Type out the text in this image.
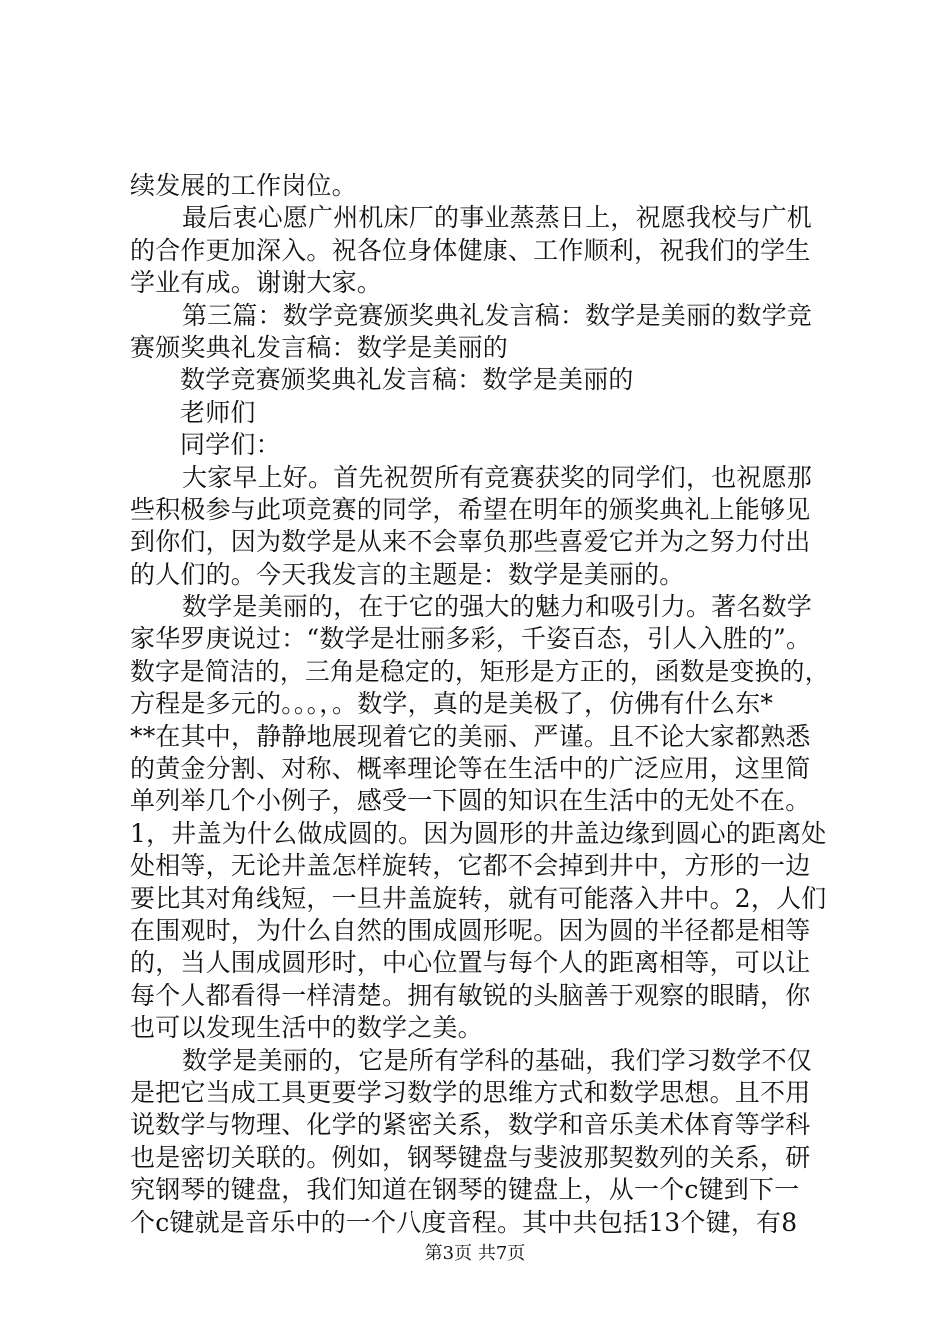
续发展的工作岗位。
最后衷心愿广州机床厂的事业蒸蒸日上，祝愿我校与广机
的合作更加深入。祝各位身体健康、工作顺利，祝我们的学生
学业有成。谢谢大家。
第三篇：数学竞赛颁奖典礼发言稿：数学是美丽的数学竞
赛颁奖典礼发言稿：数学是美丽的
数学竞赛颁奖典礼发言稿：数学是美丽的
老师们
同学们：
大家早上好。首先祝贺所有竞赛获奖的同学们，也祝愿那
些积极参与此项竞赛的同学，希望在明年的颁奖典礼上能够见
到你们，因为数学是从来不会辜负那些喜爱它并为之努力付出
的人们的。今天我发言的主题是：数学是美丽的。
数学是美丽的，在于它的强大的魅力和吸引力。著名数学
家华罗庚说过：“数学是壮丽多彩，千姿百态，引人入胜的”。
数字是简洁的，三角是稳定的，矩形是方正的，函数是变换的，
方程是多元的。。。，。数学，真的是美极了，仿佛有什么东*
**在其中，静静地展现着它的美丽、严谨。且不论大家都熟悉
的黄金分割、对称、概率理论等在生活中的广泛应用，这里简
单列举几个小例子，感受一下圆的知识在生活中的无处不在。
1，井盖为什么做成圆的。因为圆形的井盖边缘到圆心的距离处
处相等，无论井盖怎样旋转，它都不会掉到井中，方形的一边
要比其对角线短，一旦井盖旋转，就有可能落入井中。2，人们
在围观时，为什么自然的围成圆形呢。因为圆的半径都是相等
的，当人围成圆形时，中心位置与每个人的距离相等，可以让
每个人都看得一样清楚。拥有敏锐的头脑善于观察的眼睛，你
也可以发现生活中的数学之美。
数学是美丽的，它是所有学科的基础，我们学习数学不仅
是把它当成工具更要学习数学的思维方式和数学思想。且不用
说数学与物理、化学的紧密关系，数学和音乐美术体育等学科
也是密切关联的。例如，钢琴键盘与斐波那契数列的关系，研
究钢琴的键盘，我们知道在钢琴的键盘上，从一个c键到下一
个c键就是音乐中的一个八度音程。其中共包括13个键，有8
第3页 共7页
